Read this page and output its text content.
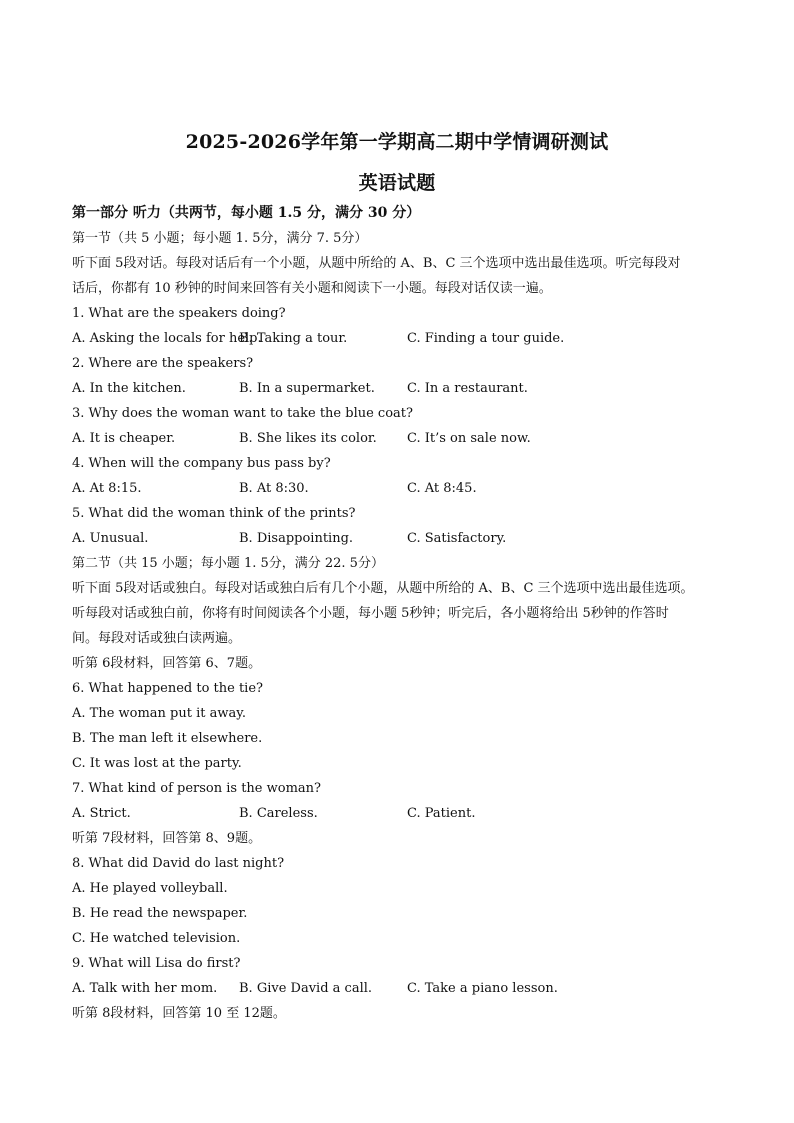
2025-2026学年第一学期高二期中学情调研测试
英语试题
第一部分 听力（共两节，每小题 1.5 分，满分 30 分）
第一节（共 5 小题；每小题 1. 5分，满分 7. 5分）
听下面 5段对话。每段对话后有一个小题，从题中所给的 A、B、C 三个选项中选出最佳选项。听完每段对
话后，你都有 10 秒钟的时间来回答有关小题和阅读下一小题。每段对话仅读一遍。
1. What are the speakers doing?
A. Asking the locals for help.
B. Taking a tour.	C. Finding a tour guide.
2. Where are the speakers?
A. In the kitchen.	B. In a supermarket. C. In a restaurant.
3. Why does the woman want to take the blue coat?
A. It is cheaper.	B. She likes its color. C. It’s on sale now.
4. When will the company bus pass by?
A. At 8:15.	B. At 8:30.	C. At 8:45.
5. What did the woman think of the prints?
A. Unusual.	B. Disappointing.	C. Satisfactory.
第二节（共 15 小题；每小题 1. 5分，满分 22. 5分）
听下面 5段对话或独白。每段对话或独白后有几个小题，从题中所给的 A、B、C 三个选项中选出最佳选项。
听每段对话或独白前，你将有时间阅读各个小题，每小题 5秒钟；听完后，各小题将给出 5秒钟的作答时
间。每段对话或独白读两遍。
听第 6段材料，回答第 6、7题。
6. What happened to the tie?
A. The woman put it away.
B. The man left it elsewhere.
C. It was lost at the party.
7. What kind of person is the woman?
A. Strict.	B. Careless.	C. Patient.
听第 7段材料，回答第 8、9题。
8. What did David do last night?
A. He played volleyball.
B. He read the newspaper.
C. He watched television.
9. What will Lisa do first?
A. Talk with her mom. B. Give David a call.	C. Take a piano lesson.
听第 8段材料，回答第 10 至 12题。
